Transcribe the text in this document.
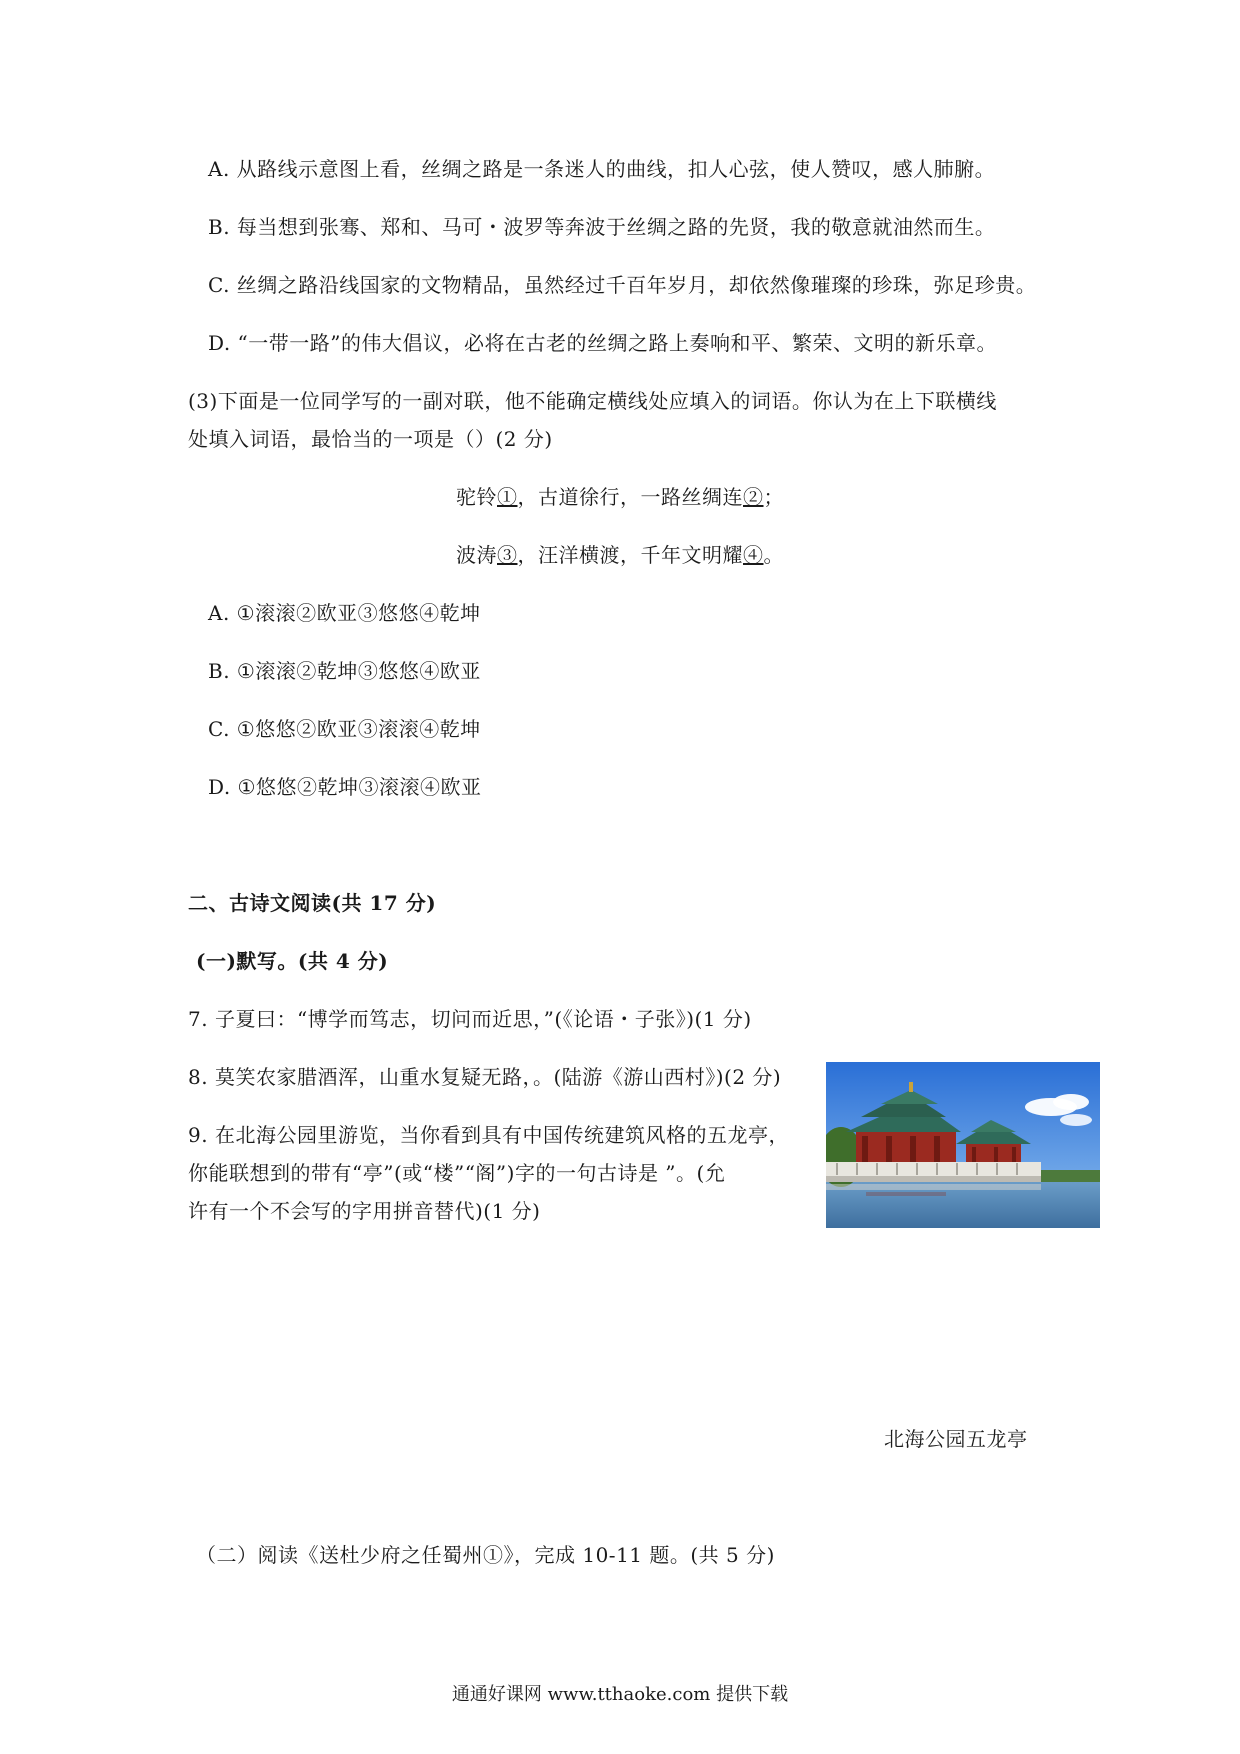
A. 从路线示意图上看，丝绸之路是一条迷人的曲线，扣人心弦，使人赞叹，感人肺腑。
B. 每当想到张骞、郑和、马可・波罗等奔波于丝绸之路的先贤，我的敬意就油然而生。
C. 丝绸之路沿线国家的文物精品，虽然经过千百年岁月，却依然像璀璨的珍珠，弥足珍贵。
D. “一带一路”的伟大倡议，必将在古老的丝绸之路上奏响和平、繁荣、文明的新乐章。
(3)下面是一位同学写的一副对联，他不能确定横线处应填入的词语。你认为在上下联横线
处填入词语，最恰当的一项是（）(2 分)
驼铃①，古道徐行，一路丝绸连②；
波涛③，汪洋横渡，千年文明耀④。
A. ①滚滚②欧亚③悠悠④乾坤
B. ①滚滚②乾坤③悠悠④欧亚
C. ①悠悠②欧亚③滚滚④乾坤
D. ①悠悠②乾坤③滚滚④欧亚
二、古诗文阅读(共 17 分)
(一)默写。(共 4 分)
7. 子夏曰：“博学而笃志，切问而近思，”(《论语・子张》)(1 分)
8. 莫笑农家腊酒浑，山重水复疑无路，。(陆游《游山西村》)(2 分)
9. 在北海公园里游览，当你看到具有中国传统建筑风格的五龙亭，
你能联想到的带有“亭”(或“楼”“阁”)字的一句古诗是 ”。(允
许有一个不会写的字用拼音替代)(1 分)
北海公园五龙亭
（二）阅读《送杜少府之任蜀州①》，完成 10-11 题。(共 5 分)
通通好课网 www.tthaoke.com 提供下载
